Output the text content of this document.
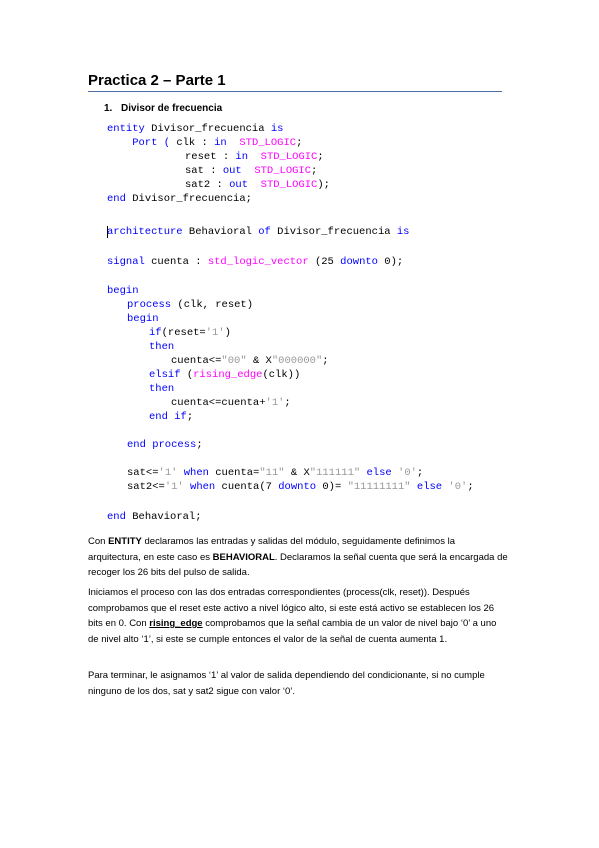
Practica 2 – Parte 1
1. Divisor de frecuencia
entity Divisor_frecuencia is
Port ( clk : in STD_LOGIC;
reset : in STD_LOGIC;
sat : out STD_LOGIC;
sat2 : out STD_LOGIC);
end Divisor_frecuencia;
architecture Behavioral of Divisor_frecuencia is
signal cuenta : std_logic_vector (25 downto 0);
begin
process (clk, reset)
begin
if(reset='1')
then
cuenta<="00" & X"000000";
elsif (rising_edge(clk))
then
cuenta<=cuenta+'1';
end if;
end process;
sat<='1' when cuenta="11" & X"111111" else '0';
sat2<='1' when cuenta(7 downto 0)= "11111111" else '0';
end Behavioral;
Con ENTITY declaramos las entradas y salidas del módulo, seguidamente definimos la arquitectura, en este caso es BEHAVIORAL. Declaramos la señal cuenta que será la encargada de recoger los 26 bits del pulso de salida.
Iniciamos el proceso con las dos entradas correspondientes (process(clk, reset)). Después comprobamos que el reset este activo a nivel lógico alto, si este está activo se establecen los 26 bits en 0. Con rising_edge comprobamos que la señal cambia de un valor de nivel bajo ‘0’ a uno de nivel alto ‘1’, si este se cumple entonces el valor de la señal de cuenta aumenta 1.
Para terminar, le asignamos ‘1’ al valor de salida dependiendo del condicionante, si no cumple ninguno de los dos, sat y sat2 sigue con valor ‘0’.
